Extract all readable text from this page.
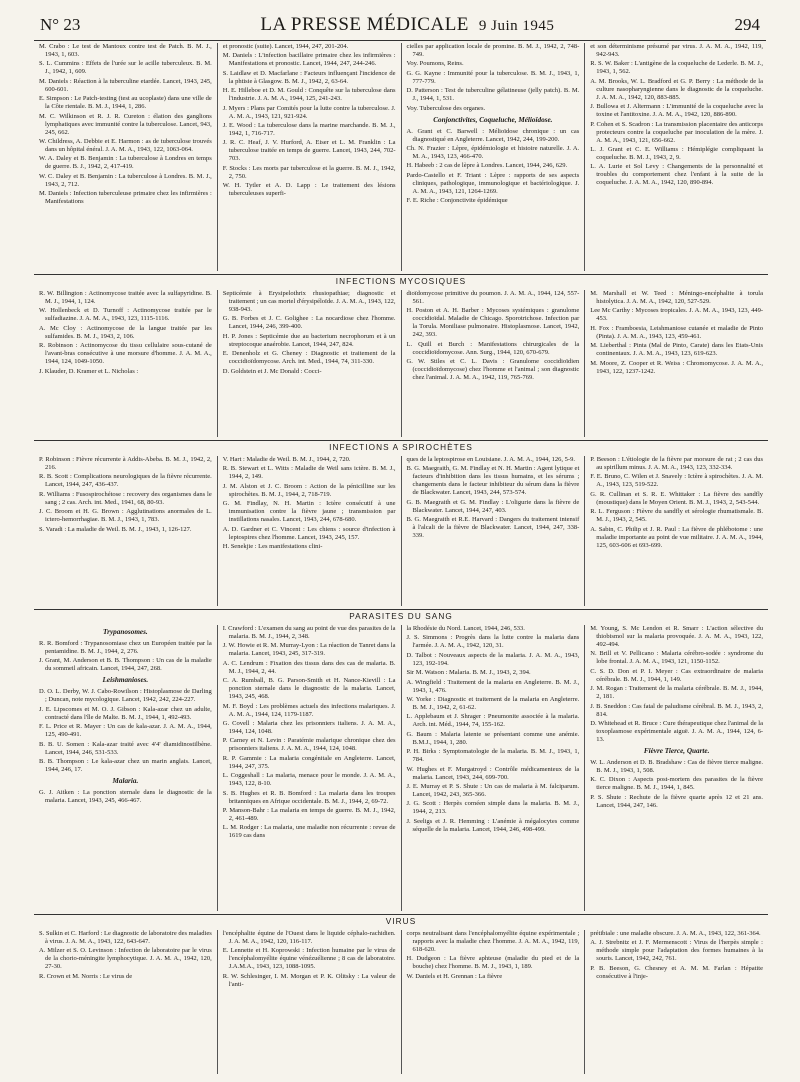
N° 23	LA PRESSE MÉDICALE 9 Juin 1945	294

M. Crabo : Le test de Mantoux contre test de Patch. B. M. J., 1943, 1, 603.

S. L. Cummins : Effets de l'urée sur le acille tuberculeux. B. M. J., 1942, 1, 609.

M. Daniels : Réaction à la tuberculine etardée. Lancet, 1943, 245, 600-601.

E. Simpson : Le Patch-testing (test au ucoplaste) dans une ville de la Côte rientale. B. M. J., 1944, 1, 286.

M. C. Wilkinson et R. J. R. Cureton : élation des ganglions lymphatiques avec immunité contre la tuberculose. Lancet, 943, 245, 662.

W. Childress, A. Debbie et E. Harmon : as de tuberculose trouvés dans un hôpital énéral. J. A. M. A., 1943, 122, 1063-064.

W. A. Daley et B. Benjamin : La tuberculose à Londres en temps de guerre. B. J., 1942, 2, 417-419.

W. C. Daley et B. Benjamin : La tuberculose à Londres. B. M. J., 1943, 2, 712.

M. Daniels : Infection tuberculeuse primaire chez les infirmières : Manifestations

et pronostic (suite). Lancet, 1944, 247, 201-204.

M. Daniels : L'infection bacillaire primaire chez les infirmières : Manifestations et pronostic. Lancet, 1944, 247, 244-246.

S. Laidlaw et D. Macfarlane : Facteurs influençant l'incidence de la phtisie à Glasgow. B. M. J., 1942, 2, 63-64.

H. E. Hilleboe et D. M. Gould : Conquête sur la tuberculose dans l'industrie. J. A. M. A., 1944, 125, 241-243.

J. Myers : Plans par Comités pour la lutte contre la tuberculose. J. A. M. A., 1943, 121, 921-924.

J. E. Wood : La tuberculose dans la marine marchande. B. M. J., 1942, 1, 716-717.

J. R. C. Heaf, J. V. Hurford, A. Eiser et L. M. Franklin : La tuberculose traitée en temps de guerre. Lancet, 1943, 244, 702-703.

F. Stocks : Les morts par tuberculose et la guerre. B. M. J., 1942, 2, 750.

W. H. Tytler et A. D. Lapp : Le traitement des lésions tuberculeuses superfi-

cielles par application locale de promine. B. M. J., 1942, 2, 748-749.

Voy. Poumons, Reins.

G. G. Kayne : Immunité pour la tuberculose. B. M. J., 1943, 1, 777-779.

D. Patterson : Test de tuberculine gélatineuse (jelly patch). B. M. J., 1944, 1, 531.

Voy. Tuberculose des organes.

Conjonctivites, Coqueluche, Mélioïdose.

A. Grant et C. Barwell : Mélioïdose chronique : un cas diagnostiqué en Angleterre. Lancet, 1942, 244, 199-200.

Ch. N. Frazier : Lèpre, épidémiologie et histoire naturelle. J. A. M. A., 1943, 123, 466-470.

H. Habeeb : 2 cas de lèpre à Londres. Lancet, 1944, 246, 629.

Pardo-Castello et F. Triant : Lèpre : rapports de ses aspects cliniques, pathologique, immunologique et bactériologique. J. A. M. A., 1943, 121, 1264-1269.

F. E. Riche : Conjonctivite épidémique

et son déterminisme présumé par virus. J. A. M. A., 1942, 119, 942-943.

R. S. W. Baker : L'antigène de la coqueluche de Lederle. B. M. J., 1943, 1, 562.

A. M. Brooks, W. L. Bradford et G. P. Berry : La méthode de la culture nasopharyngienne dans le diagnostic de la coqueluche. J. A. M. A., 1942, 120, 883-885.

J. Bullowa et J. Altermann : L'immunité de la coqueluche avec la toxine et l'antitoxine. J. A. M. A., 1942, 120, 886-890.

P. Cohen et S. Scadron : La transmission placentaire des anticorps protecteurs contre la coqueluche par inoculation de la mère. J. A. M. A., 1943, 121, 656-662.

L. J. Grant et C. E. Williams : Hémiplégie compliquant la coqueluche. B. M. J., 1943, 2, 9.

L. A. Lurie et Sol Levy : Changements de la personnalité et troubles du comportement chez l'enfant à la suite de la coqueluche. J. A. M. A., 1942, 120, 890-894.

INFECTIONS MYCOSIQUES

R. W. Billington : Actinomycose traitée avec la sulfapyridine. B. M. J., 1944, 1, 124.

W. Hollenbeck et D. Turnoff : Actinomycose traitée par le sulfadiazine. J. A. M. A., 1943, 123, 1115-1116.

A. Mc Cloy : Actinomycose de la langue traitée par les sulfamides. B. M. J., 1943, 2, 106.

R. Robinson : Actinomycose du tissu cellulaire sous-cutané de l'avant-bras consécutive à une morsure d'homme. J. A. M. A., 1944, 124, 1049-1050.

J. Klauder, D. Kramer et L. Nicholas :

Septicémie à Erysipelothrix rhusiopathiae; diagnostic et traitement ; un cas mortel d'érysipéloïde. J. A. M. A., 1943, 122, 938-943.

G. B. Forbes et J. C. Golighee : La nocardiose chez l'homme. Lancet, 1944, 246, 399-400.

H. P. Jones : Septicémie due au bacterium necrophorum et à un streptocoque anaérobie. Lancet, 1944, 247, 824.

E. Denenholz et G. Cheney : Diagnostic et traitement de la coccidioïdomycose. Arch. int. Med., 1944, 74, 311-330.

D. Goldstein et J. Mc Donald : Cocci-

dioïdomycose primitive du poumon. J. A. M. A., 1944, 124, 557-561.

H. Poston et A. H. Barber : Mycoses systémiques : granulome coccidioïdal. Maladie de Chicago. Sporotrichose. Infection par la Torula. Moniliase pulmonaire. Histoplasmose. Lancet, 1942, 242, 393.

L. Quill et Burch : Manifestations chirurgicales de la coccidioïdomycose. Ann. Surg., 1944, 120, 670-679.

G. W. Stiles et C. L. Davis : Granulome coccidioïdien (coccidioïdomycose) chez l'homme et l'animal ; son diagnostic chez l'animal. J. A. M. A., 1942, 119, 765-769.

M. Marshall et W. Teed : Méningo-encéphalite à torula histolytica. J. A. M. A., 1942, 120, 527-529.

Lee Mc Carthy : Mycoses tropicales. J. A. M. A., 1943, 123, 449-453.

H. Fox : Framboesia, Leishmaniose cutanée et maladie de Pinto (Pinta). J. A. M. A., 1943, 123, 459-461.

M. Lieberthal : Pinta (Mal de Pinto, Carate) dans les Etats-Unis continentaux. J. A. M. A., 1943, 123, 619-623.

M. Moore, Z. Cooper et R. Weiss : Chromomycose. J. A. M. A., 1943, 122, 1237-1242.

INFECTIONS A SPIROCHÈTES

P. Robinson : Fièvre récurrente à Addis-Abeba. B. M. J., 1942, 2, 216.

R. B. Scott : Complications neurologiques de la fièvre récurrente. Lancet, 1944, 247, 436-437.

R. Williams : Fusospirochétose : recovery des organismes dans le sang ; 2 cas. Arch. int. Med., 1941, 68, 80-93.

J. C. Broom et H. G. Brown : Agglutinations anormales de L. ictero-hemorrhagiae. B. M. J., 1943, 1, 783.

S. Varadi : La maladie de Weil. B. M. J., 1943, 1, 126-127.

V. Hart : Maladie de Weil. B. M. J., 1944, 2, 720.

R. B. Stewart et L. Witts : Maladie de Weil sans ictère. B. M. J., 1944, 2, 149.

J. M. Alston et J. C. Broom : Action de la pénicilline sur les spirochètes. B. M. J., 1944, 2, 718-719.

G. M. Findlay, N. H. Martin : Ictère consécutif à une immunisation contre la fièvre jaune ; transmission par instillations nasales. Lancet, 1943, 244, 678-680.

A. D. Gardner et C. Vincent : Les chiens : source d'infection à leptospires chez l'homme. Lancet, 1943, 245, 157.

H. Senekjie : Les manifestations clini-

ques de la leptospirose en Louisiane. J. A. M. A., 1944, 126, 5-9.

B. G. Maegraith, G. M. Findlay et N. H. Martin : Agent lytique et facteurs d'inhibition dans les tissus humains, et les sérums ; changements dans le facteur inhibiteur du sérum dans la fièvre de Blackwater. Lancet, 1943, 244, 573-574.

G. B. Maegraith et G. M. Findlay : L'oligurie dans la fièvre de Blackwater. Lancet, 1944, 247, 403.

B. G. Maegraith et R.E. Harvard : Dangers du traitement intensif à l'alcali de la fièvre de Blackwater. Lancet, 1944, 247, 338-339.

P. Beeson : L'étiologie de la fièvre par morsure de rat ; 2 cas dus au spirillum minus. J. A. M. A., 1943, 123, 332-334.

F. E. Bruno, C. Wilen et J. Snavely : Ictère à spirochètes. J. A. M. A., 1943, 123, 519-522.

G. R. Cullinan et S. R. E. Whittaker : La fièvre des sandfly (moustique) dans le Moyen Orient. B. M. J., 1943, 2, 543-544.

R. L. Ferguson : Fièvre du sandfly et sérologie rhumatismale. B. M. J., 1943, 2, 545.

A. Sabin, C. Philip et J. R. Paul : La fièvre de phlébotome : une maladie importante au point de vue militaire. J. A. M. A., 1944, 125, 603-606 et 693-699.

PARASITES DU SANG
Trypanosomes.

R. R. Bomford : Trypanosomiase chez un Européen traitée par la pentamidine. B. M. J., 1944, 2, 276.

J. Grant, M. Anderson et B. B. Thompson : Un cas de la maladie du sommeil africain. Lancet, 1944, 247, 268.

Leishmanioses.

D. O. L. Derby, W. J. Cabo-Rowilson : Histoplasmose de Darling ; Duncan, note mycologique. Lancet, 1942, 242, 224-227.

J. E. Lipscomes et M. O. J. Gibson : Kala-azar chez un adulte, contracté dans l'île de Malte. B. M. J., 1944, 1, 492-493.

F. L. Price et R. Mayer : Un cas de kala-azar. J. A. M. A., 1944, 125, 490-491.

B. B. U. Somen : Kala-azar traité avec 4'4' diamidinostilbène. Lancet, 1944, 246, 531-533.

B. B. Thompson : Le kala-azar chez un marin anglais. Lancet, 1944, 246, 17.

Malaria.

G. J. Aitken : La ponction sternale dans le diagnostic de la malaria. Lancet, 1943, 245, 466-467.

I. Crawford : L'examen du sang au point de vue des parasites de la malaria. B. M. J., 1944, 2, 348.

J. W. Howie et R. M. Murray-Lyon : La réaction de Tanret dans la malaria. Lancet, 1943, 245, 317-319.

A. C. Lendrum : Fixation des tissus dans des cas de malaria. B. M. J., 1944, 2, 44.

C. A. Rumball, B. G. Parson-Smith et H. Nance-Kievill : La ponction sternale dans le diagnostic de la malaria. Lancet, 1943, 245, 468.

M. F. Boyd : Les problèmes actuels des infections malariques. J. A. M. A., 1944, 124, 1179-1187.

G. Covell : Malaria chez les prisonniers italiens. J. A. M. A., 1944, 124, 1048.

P. Carney et N. Levin : Paratémie malarique chronique chez des prisonniers italiens. J. A. M. A., 1944, 124, 1048.

R. P. Gammie : La malaria congénitale en Angleterre. Lancet, 1944, 247, 375.

L. Coggeshall : La malaria, menace pour le monde. J. A. M. A., 1943, 122, 8-10.

S. B. Hughes et R. B. Bomford : La malaria dans les troupes britanniques en Afrique occidentale. B. M. J., 1944, 2, 69-72.

P. Manson-Bahr : La malaria en temps de guerre. B. M. J., 1942, 2, 461-489.

L. M. Rodger : La malaria, une maladie non récurrente : revue de 1619 cas dans

la Rhodésie du Nord. Lancet, 1944, 246, 533.

J. S. Simmons : Progrès dans la lutte contre la malaria dans l'armée. J. A. M. A., 1942, 120, 31.

D. Talbot : Nouveaux aspects de la malaria. J. A. M. A., 1943, 123, 192-194.

Sir M. Watson : Malaria. B. M. J., 1943, 2, 394.

A. Wingfield : Traitement de la malaria en Angleterre. B. M. J., 1943, 1, 476.

W. Yorke : Diagnostic et traitement de la malaria en Angleterre. B. M. J., 1942, 2, 61-62.

L. Applebaum et J. Shrager : Pneumonite associée à la malaria. Arch. int. Méd., 1944, 74, 155-162.

G. Baum : Malaria latente se présentant comme une anémie. B.M.J., 1944, 1, 280.

P. H. Birks : Symptomatologie de la malaria. B. M. J., 1943, 1, 784.

W. Hughes et F. Murgatroyd : Contrôle médicamenteux de la malaria. Lancet, 1943, 244, 699-700.

J. E. Murray et P. S. Shute : Un cas de malaria à M. falciparum. Lancet, 1942, 243, 365-366.

J. G. Scott : Herpès cornéen simple dans la malaria. B. M. J., 1944, 2, 213.

J. Seeligs et J. R. Hemming : L'anémie à mégalocytes comme séquelle de la malaria. Lancet, 1944, 246, 498-499.

M. Young, S. Mc Lendon et R. Smarr : L'action sélective du thiobismol sur la malaria provoquée. J. A. M. A., 1943, 122, 492-494.

N. Brill et V. Pellicano : Malaria cérébro-sodée : syndrome du lobe frontal. J. A. M. A., 1943, 121, 1150-1152.

C. S. D. Don et P. I. Meyer : Cas extraordinaire de malaria cérébrale. B. M. J., 1944, 1, 149.

J. M. Rogan : Traitement de la malaria cérébrale. B. M. J., 1944, 2, 181.

J. B. Sneddon : Cas fatal de paludisme cérébral. B. M. J., 1943, 2, 814.

D. Whitehead et R. Bruce : Cure thérapeutique chez l'animal de la toxoplasmose expérimentale aiguë. J. A. M. A., 1944, 124, 6-13.

Fièvre Tierce, Quarte.

W. L. Anderson et D. B. Bradshaw : Cas de fièvre tierce maligne. B. M. J., 1943, 1, 508.

K. C. Dixon : Aspects post-mortem des parasites de la fièvre tierce maligne. B. M. J., 1944, 1, 845.

P. S. Shute : Rechute de la fièvre quarte après 12 et 21 ans. Lancet, 1944, 247, 146.

VIRUS

S. Sulkin et C. Harford : Le diagnostic de laboratoire des maladies à virus. J. A. M. A., 1943, 122, 643-647.

A. Milzer et S. O. Levinson : Infection de laboratoire par le virus de la chorio-méningite lymphocytique. J. A. M. A., 1942, 120, 27-30.

R. Crown et M. Norris : Le virus de

l'encéphalite équine de l'Ouest dans le liquide céphalo-rachidien. J. A. M. A., 1942, 120, 116-117.

E. Lennette et H. Koprowski : Infection humaine par le virus de l'encéphalomyélite équine vénézuélienne ; 8 cas de laboratoire. J.A.M.A., 1943, 123, 1088-1095.

R. W. Schlesinger, I. M. Morgan et P. K. Olitsky : La valeur de l'anti-

corps neutralisant dans l'encéphalomyélite équine expérimentale ; rapports avec la maladie chez l'homme. J. A. M. A., 1942, 119, 618-620.

H. Dudgeon : La fièvre aphteuse (maladie du pied et de la bouche) chez l'homme. B. M. J., 1943, 1, 189.

W. Daniels et H. Grennan : La fièvre

prétibiale : une maladie obscure. J. A. M. A., 1943, 122, 361-364.

A. J. Strebnitz et J. F. Mermenscott : Virus de l'herpès simple : méthode simple pour l'adaptation des formes humaines à la souris. Lancet, 1942, 242, 761.

P. B. Beeson, G. Chesney et A. M. M. Farlan : Hépatite consécutive à l'inje-
